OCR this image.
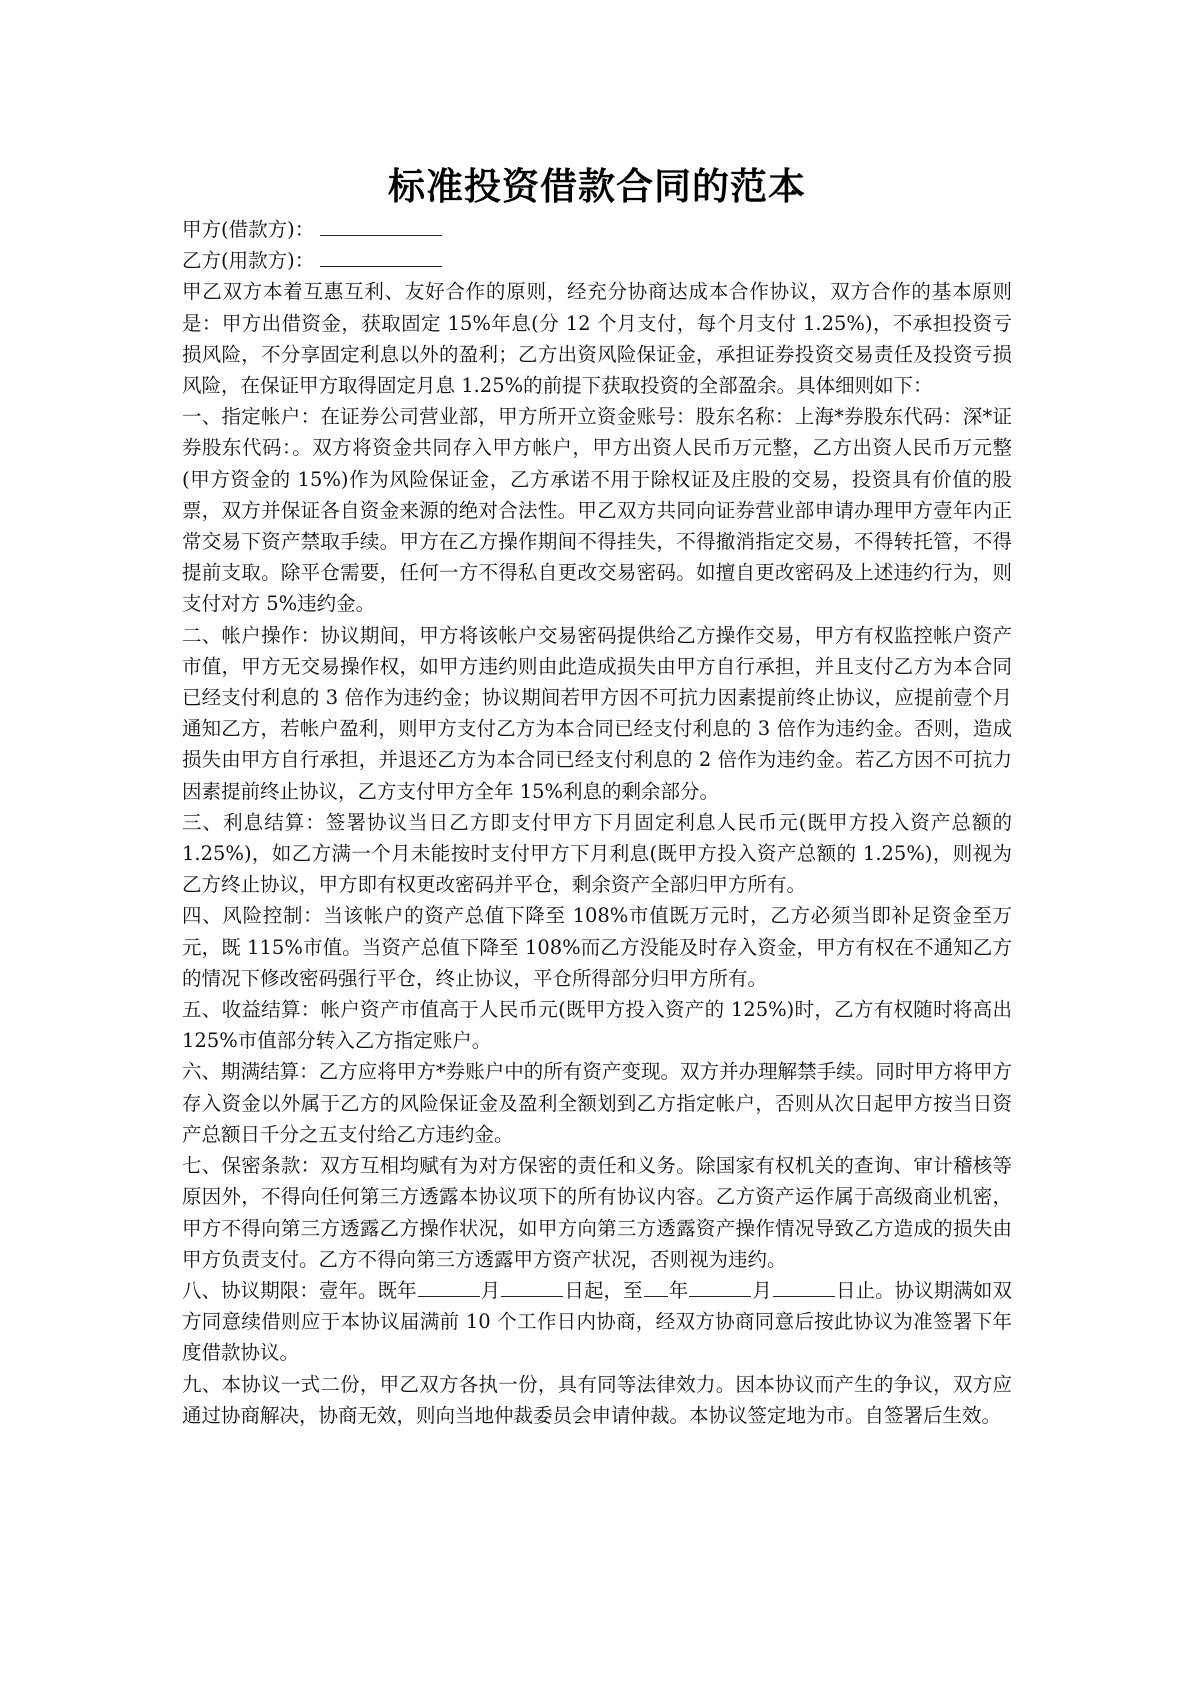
标准投资借款合同的范本

甲方(借款方)：

乙方(用款方)：

甲乙双方本着互惠互利、友好合作的原则，经充分协商达成本合作协议，双方合作的基本原则是：甲方出借资金，获取固定 15%年息(分 12 个月支付，每个月支付 1.25%)，不承担投资亏损风险，不分享固定利息以外的盈利；乙方出资风险保证金，承担证券投资交易责任及投资亏损风险，在保证甲方取得固定月息 1.25%的前提下获取投资的全部盈余。具体细则如下：

一、指定帐户：在证券公司营业部，甲方所开立资金账号：股东名称：上海*券股东代码：深*证券股东代码：。双方将资金共同存入甲方帐户，甲方出资人民币万元整，乙方出资人民币万元整(甲方资金的 15%)作为风险保证金，乙方承诺不用于除权证及庄股的交易，投资具有价值的股票，双方并保证各自资金来源的绝对合法性。甲乙双方共同向证券营业部申请办理甲方壹年内正常交易下资产禁取手续。甲方在乙方操作期间不得挂失，不得撤消指定交易，不得转托管，不得提前支取。除平仓需要，任何一方不得私自更改交易密码。如擅自更改密码及上述违约行为，则支付对方 5%违约金。

二、帐户操作：协议期间，甲方将该帐户交易密码提供给乙方操作交易，甲方有权监控帐户资产市值，甲方无交易操作权，如甲方违约则由此造成损失由甲方自行承担，并且支付乙方为本合同已经支付利息的 3 倍作为违约金；协议期间若甲方因不可抗力因素提前终止协议，应提前壹个月通知乙方，若帐户盈利，则甲方支付乙方为本合同已经支付利息的 3 倍作为违约金。否则，造成损失由甲方自行承担，并退还乙方为本合同已经支付利息的 2 倍作为违约金。若乙方因不可抗力因素提前终止协议，乙方支付甲方全年 15%利息的剩余部分。

三、利息结算：签署协议当日乙方即支付甲方下月固定利息人民币元(既甲方投入资产总额的 1.25%)，如乙方满一个月未能按时支付甲方下月利息(既甲方投入资产总额的 1.25%)，则视为乙方终止协议，甲方即有权更改密码并平仓，剩余资产全部归甲方所有。

四、风险控制：当该帐户的资产总值下降至 108%市值既万元时，乙方必须当即补足资金至万元，既 115%市值。当资产总值下降至 108%而乙方没能及时存入资金，甲方有权在不通知乙方的情况下修改密码强行平仓，终止协议，平仓所得部分归甲方所有。

五、收益结算：帐户资产市值高于人民币元(既甲方投入资产的 125%)时，乙方有权随时将高出 125%市值部分转入乙方指定账户。

六、期满结算：乙方应将甲方*券账户中的所有资产变现。双方并办理解禁手续。同时甲方将甲方存入资金以外属于乙方的风险保证金及盈利全额划到乙方指定帐户，否则从次日起甲方按当日资产总额日千分之五支付给乙方违约金。

七、保密条款：双方互相均赋有为对方保密的责任和义务。除国家有权机关的查询、审计稽核等原因外，不得向任何第三方透露本协议项下的所有协议内容。乙方资产运作属于高级商业机密，甲方不得向第三方透露乙方操作状况，如甲方向第三方透露资产操作情况导致乙方造成的损失由甲方负责支付。乙方不得向第三方透露甲方资产状况，否则视为违约。

八、协议期限：壹年。既年	月	日起，至 年	月	日止。协议期满如双方同意续借则应于本协议届满前 10 个工作日内协商，经双方协商同意后按此协议为准签署下年度借款协议。

九、本协议一式二份，甲乙双方各执一份，具有同等法律效力。因本协议而产生的争议，双方应通过协商解决，协商无效，则向当地仲裁委员会申请仲裁。本协议签定地为市。自签署后生效。
